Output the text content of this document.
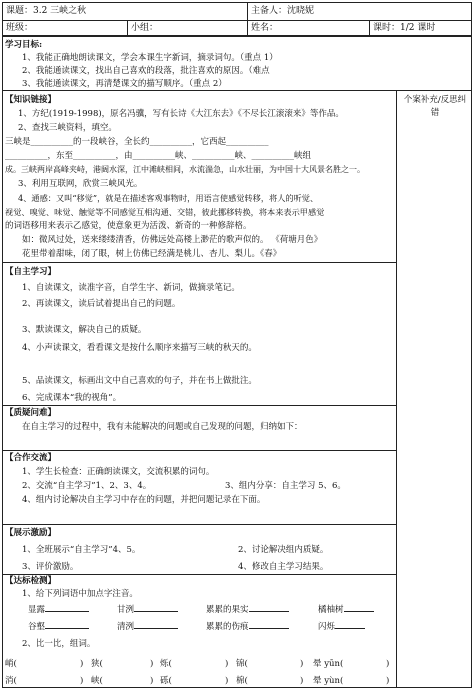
课题：3.2 三峡之秋	主备人：沈晓妮
班级：	小组：	姓名：	课时：1/2 课时
个案补充/反思纠错
学习目标:
1、我能正确地朗读课文，学会本课生字新词，摘录词句。（重点 1）
2、我能通读课文，找出自己喜欢的段落，批注喜欢的原因。（难点
3、我能通读课文，再清楚课文的描写顺序。（重点 2）
【知识链接】
1、方纪(1919-1998)，原名冯骥，写有长诗《大江东去》《不尽长江滚滚来》等作品。
2、查找三峡资料，填空。
三峡是__________的一段峡谷，全长约__________，它西起__________
__________，东至__________，由__________峡、__________峡、__________峡组
成。三峡两岸高峰夹峙，港阔水深，江中滩峡相间，水流湍急，山水壮丽，为中国十大风景名胜之一。
3、利用互联网，欣赏三峡风光。
4、通感：又叫“移觉”，就是在描述客观事物时，用语言使感觉转移，将人的听觉、
视觉、嗅觉、味觉、触觉等不同感觉互相沟通、交错，彼此挪移转换，将本来表示甲感觉
的词语移用来表示乙感觉，使意象更为活泼、新奇的一种修辞格。
如：微风过处，送来缕缕清香，仿佛远处高楼上渺茫的歌声似的。 《荷塘月色》
花里带着甜味，闭了眼，树上仿佛已经满是桃儿、杏儿、梨儿。《春》
【自主学习】
1、自读课文，读准字音，自学生字、新词，做摘录笔记。
2、再读课文，读后试着提出自己的问题。
3、默读课文，解决自己的质疑。
4、小声读课文，看看课文是按什么顺序来描写三峡的秋天的。
5、品读课文，标画出文中自己喜欢的句子，并在书上做批注。
6、完成课本“我的视角”。
【质疑问难】
在自主学习的过程中，我有未能解决的问题或自己发现的问题，归纳如下：
【合作交流】
1、学生长检查：正确朗读课文，交流积累的词句。
2、交流“自主学习”1、2、3、4。	3、组内分享：自主学习 5、6。
4、组内讨论解决自主学习中存在的问题，并把问题记录在下面。
【展示激励】
1、全班展示“自主学习”4、5。	2、讨论解决组内质疑。
3、评价激励。	4、修改自主学习结果。
【达标检测】
1、给下列词语中加点字注音。
显露	甘洌	累累的果实	橘柚树
谷壑	清洌	累累的伤痕	闪烁
2、比一比，组词。
峭(	) 狭(	) 烁(	) 锦(	) 晕 yūn(	)
消(	) 峡(	) 砾(	) 棉(	) 晕 yùn(	)
